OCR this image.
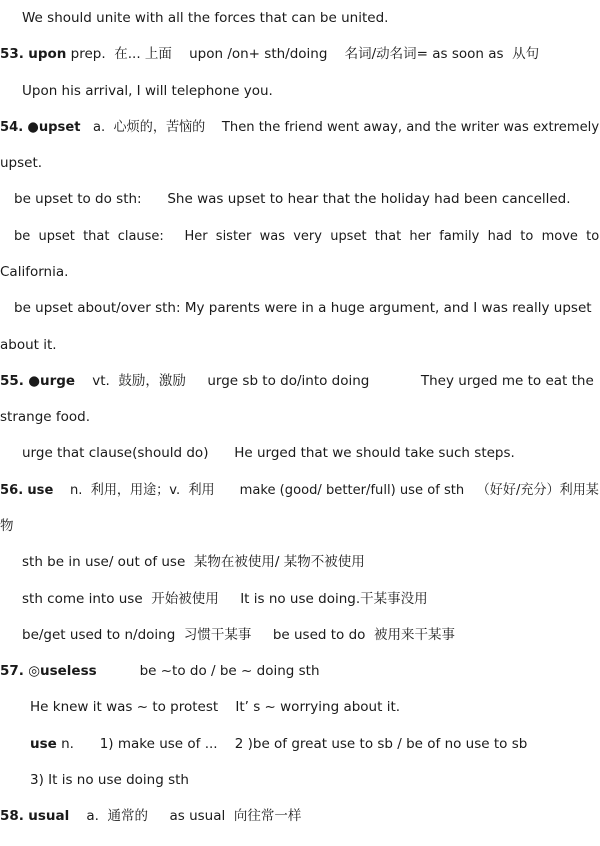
We should unite with all the forces that can be united.
53. upon prep.  在... 上面    upon /on+ sth/doing    名词/动名词= as soon as  从句
Upon his arrival, I will telephone you.
54. ●upset   a.  心烦的，苦恼的    Then the friend went away, and the writer was extremely
upset.
be upset to do sth:      She was upset to hear that the holiday had been cancelled.
be  upset  that  clause:     Her  sister  was  very  upset  that  her  family  had  to  move  to
California.
be upset about/over sth: My parents were in a huge argument, and I was really upset
about it.
55. ●urge    vt.  鼓励，激励     urge sb to do/into doing            They urged me to eat the
strange food.
urge that clause(should do)      He urged that we should take such steps.
56. use    n.  利用，用途；v.  利用      make (good/ better/full) use of sth   （好好/充分）利用某
物
sth be in use/ out of use  某物在被使用/ 某物不被使用
sth come into use  开始被使用     It is no use doing.干某事没用
be/get used to n/doing  习惯干某事     be used to do  被用来干某事
57. ◎useless          be ~to do / be ~ doing sth
He knew it was ~ to protest    It’ s ~ worrying about it.
use n.      1) make use of ...    2 )be of great use to sb / be of no use to sb
3) It is no use doing sth
58. usual    a.  通常的     as usual  向往常一样
